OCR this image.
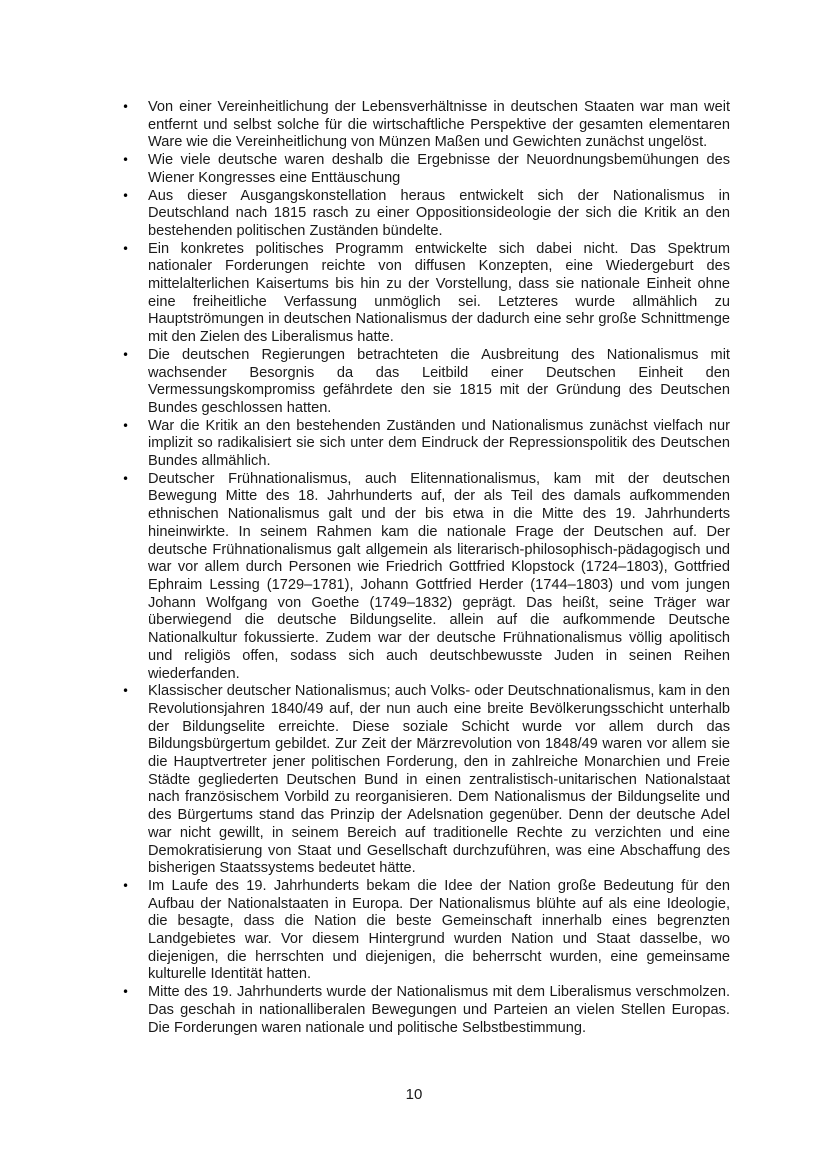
• Von einer Vereinheitlichung der Lebensverhältnisse in deutschen Staaten war man weit entfernt und selbst solche für die wirtschaftliche Perspektive der gesamten elementaren Ware wie die Vereinheitlichung von Münzen Maßen und Gewichten zunächst ungelöst.
• Wie viele deutsche waren deshalb die Ergebnisse der Neuordnungsbemühungen des Wiener Kongresses eine Enttäuschung
• Aus dieser Ausgangskonstellation heraus entwickelt sich der Nationalismus in Deutschland nach 1815 rasch zu einer Oppositionsideologie der sich die Kritik an den bestehenden politischen Zuständen bündelte.
• Ein konkretes politisches Programm entwickelte sich dabei nicht. Das Spektrum nationaler Forderungen reichte von diffusen Konzepten, eine Wiedergeburt des mittelalterlichen Kaisertums bis hin zu der Vorstellung, dass sie nationale Einheit ohne eine freiheitliche Verfassung unmöglich sei. Letzteres wurde allmählich zu Hauptströmungen in deutschen Nationalismus der dadurch eine sehr große Schnittmenge mit den Zielen des Liberalismus hatte.
• Die deutschen Regierungen betrachteten die Ausbreitung des Nationalismus mit wachsender Besorgnis da das Leitbild einer Deutschen Einheit den Vermessungskompromiss gefährdete den sie 1815 mit der Gründung des Deutschen Bundes geschlossen hatten.
• War die Kritik an den bestehenden Zuständen und Nationalismus zunächst vielfach nur implizit so radikalisiert sie sich unter dem Eindruck der Repressionspolitik des Deutschen Bundes allmählich.
• Deutscher Frühnationalismus, auch Elitennationalismus, kam mit der deutschen Bewegung Mitte des 18. Jahrhunderts auf, der als Teil des damals aufkommenden ethnischen Nationalismus galt und der bis etwa in die Mitte des 19. Jahrhunderts hineinwirkte. In seinem Rahmen kam die nationale Frage der Deutschen auf. Der deutsche Frühnationalismus galt allgemein als literarisch-philosophisch-pädagogisch und war vor allem durch Personen wie Friedrich Gottfried Klopstock (1724–1803), Gottfried Ephraim Lessing (1729–1781), Johann Gottfried Herder (1744–1803) und vom jungen Johann Wolfgang von Goethe (1749–1832) geprägt. Das heißt, seine Träger war überwiegend die deutsche Bildungselite. allein auf die aufkommende Deutsche Nationalkultur fokussierte. Zudem war der deutsche Frühnationalismus völlig apolitisch und religiös offen, sodass sich auch deutschbewusste Juden in seinen Reihen wiederfanden.
• Klassischer deutscher Nationalismus; auch Volks- oder Deutschnationalismus, kam in den Revolutionsjahren 1840/49 auf, der nun auch eine breite Bevölkerungsschicht unterhalb der Bildungselite erreichte. Diese soziale Schicht wurde vor allem durch das Bildungsbürgertum gebildet. Zur Zeit der Märzrevolution von 1848/49 waren vor allem sie die Hauptvertreter jener politischen Forderung, den in zahlreiche Monarchien und Freie Städte gegliederten Deutschen Bund in einen zentralistisch-unitarischen Nationalstaat nach französischem Vorbild zu reorganisieren. Dem Nationalismus der Bildungselite und des Bürgertums stand das Prinzip der Adelsnation gegenüber. Denn der deutsche Adel war nicht gewillt, in seinem Bereich auf traditionelle Rechte zu verzichten und eine Demokratisierung von Staat und Gesellschaft durchzuführen, was eine Abschaffung des bisherigen Staatssystems bedeutet hätte.
• Im Laufe des 19. Jahrhunderts bekam die Idee der Nation große Bedeutung für den Aufbau der Nationalstaaten in Europa. Der Nationalismus blühte auf als eine Ideologie, die besagte, dass die Nation die beste Gemeinschaft innerhalb eines begrenzten Landgebietes war. Vor diesem Hintergrund wurden Nation und Staat dasselbe, wo diejenigen, die herrschten und diejenigen, die beherrscht wurden, eine gemeinsame kulturelle Identität hatten.
• Mitte des 19. Jahrhunderts wurde der Nationalismus mit dem Liberalismus verschmolzen. Das geschah in nationalliberalen Bewegungen und Parteien an vielen Stellen Europas. Die Forderungen waren nationale und politische Selbstbestimmung.
10
